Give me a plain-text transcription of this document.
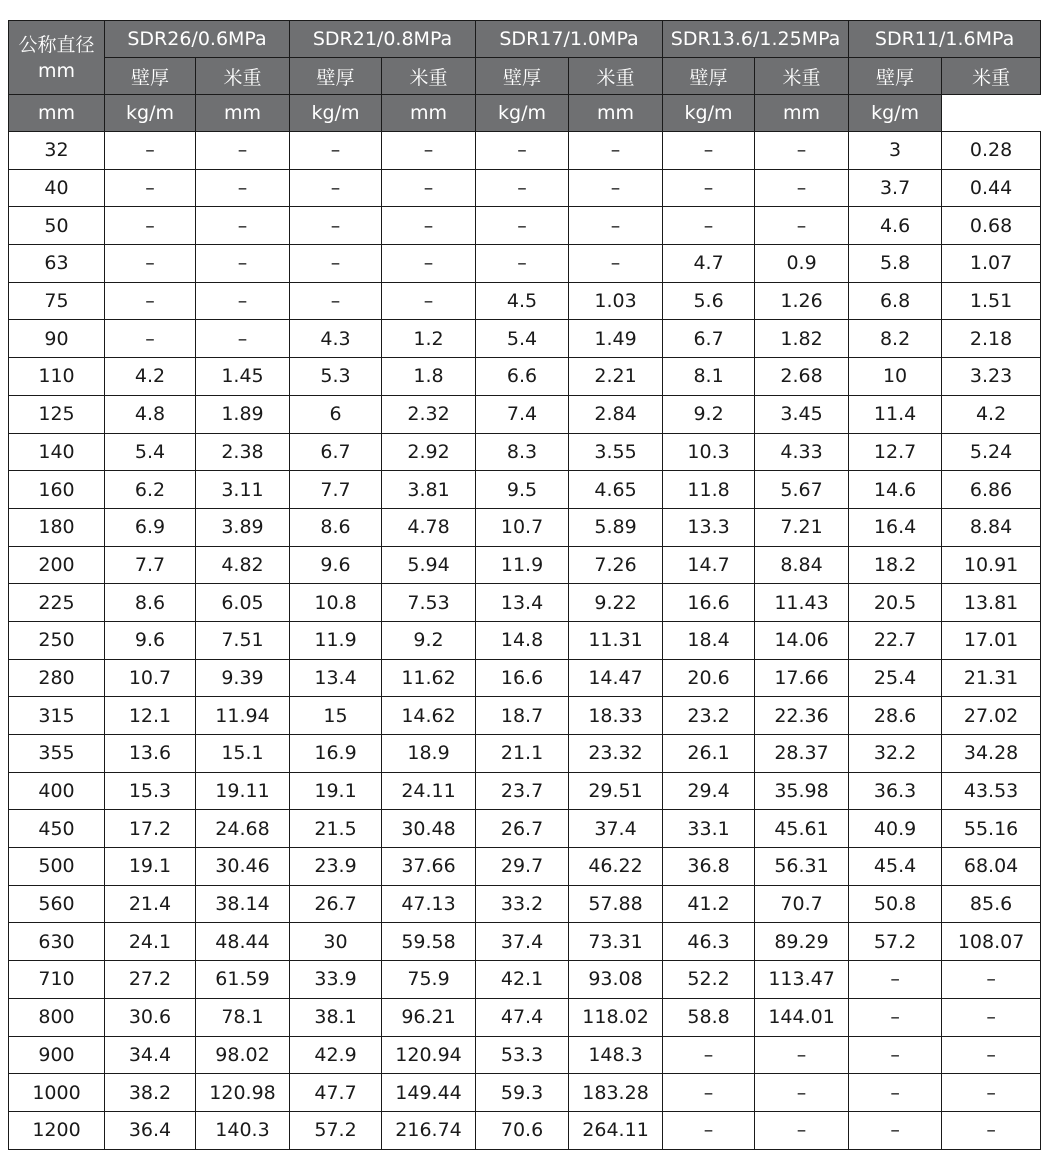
公称直径
mm	SDR26/0.6MPa		SDR21/0.8MPa		SDR17/1.0MPa		SDR13.6/1.25MPa		SDR11/1.6MPa	
	壁厚	米重	壁厚	米重	壁厚	米重	壁厚	米重	壁厚	米重
mm	kg/m	mm	kg/m	mm	kg/m	mm	kg/m	mm	kg/m	
32	–	–	–	–	–	–	–	–	3	0.28
40	–	–	–	–	–	–	–	–	3.7	0.44
50	–	–	–	–	–	–	–	–	4.6	0.68
63	–	–	–	–	–	–	4.7	0.9	5.8	1.07
75	–	–	–	–	4.5	1.03	5.6	1.26	6.8	1.51
90	–	–	4.3	1.2	5.4	1.49	6.7	1.82	8.2	2.18
110	4.2	1.45	5.3	1.8	6.6	2.21	8.1	2.68	10	3.23
125	4.8	1.89	6	2.32	7.4	2.84	9.2	3.45	11.4	4.2
140	5.4	2.38	6.7	2.92	8.3	3.55	10.3	4.33	12.7	5.24
160	6.2	3.11	7.7	3.81	9.5	4.65	11.8	5.67	14.6	6.86
180	6.9	3.89	8.6	4.78	10.7	5.89	13.3	7.21	16.4	8.84
200	7.7	4.82	9.6	5.94	11.9	7.26	14.7	8.84	18.2	10.91
225	8.6	6.05	10.8	7.53	13.4	9.22	16.6	11.43	20.5	13.81
250	9.6	7.51	11.9	9.2	14.8	11.31	18.4	14.06	22.7	17.01
280	10.7	9.39	13.4	11.62	16.6	14.47	20.6	17.66	25.4	21.31
315	12.1	11.94	15	14.62	18.7	18.33	23.2	22.36	28.6	27.02
355	13.6	15.1	16.9	18.9	21.1	23.32	26.1	28.37	32.2	34.28
400	15.3	19.11	19.1	24.11	23.7	29.51	29.4	35.98	36.3	43.53
450	17.2	24.68	21.5	30.48	26.7	37.4	33.1	45.61	40.9	55.16
500	19.1	30.46	23.9	37.66	29.7	46.22	36.8	56.31	45.4	68.04
560	21.4	38.14	26.7	47.13	33.2	57.88	41.2	70.7	50.8	85.6
630	24.1	48.44	30	59.58	37.4	73.31	46.3	89.29	57.2	108.07
710	27.2	61.59	33.9	75.9	42.1	93.08	52.2	113.47	–	–
800	30.6	78.1	38.1	96.21	47.4	118.02	58.8	144.01	–	–
900	34.4	98.02	42.9	120.94	53.3	148.3	–	–	–	–
1000	38.2	120.98	47.7	149.44	59.3	183.28	–	–	–	–
1200	36.4	140.3	57.2	216.74	70.6	264.11	–	–	–	–
